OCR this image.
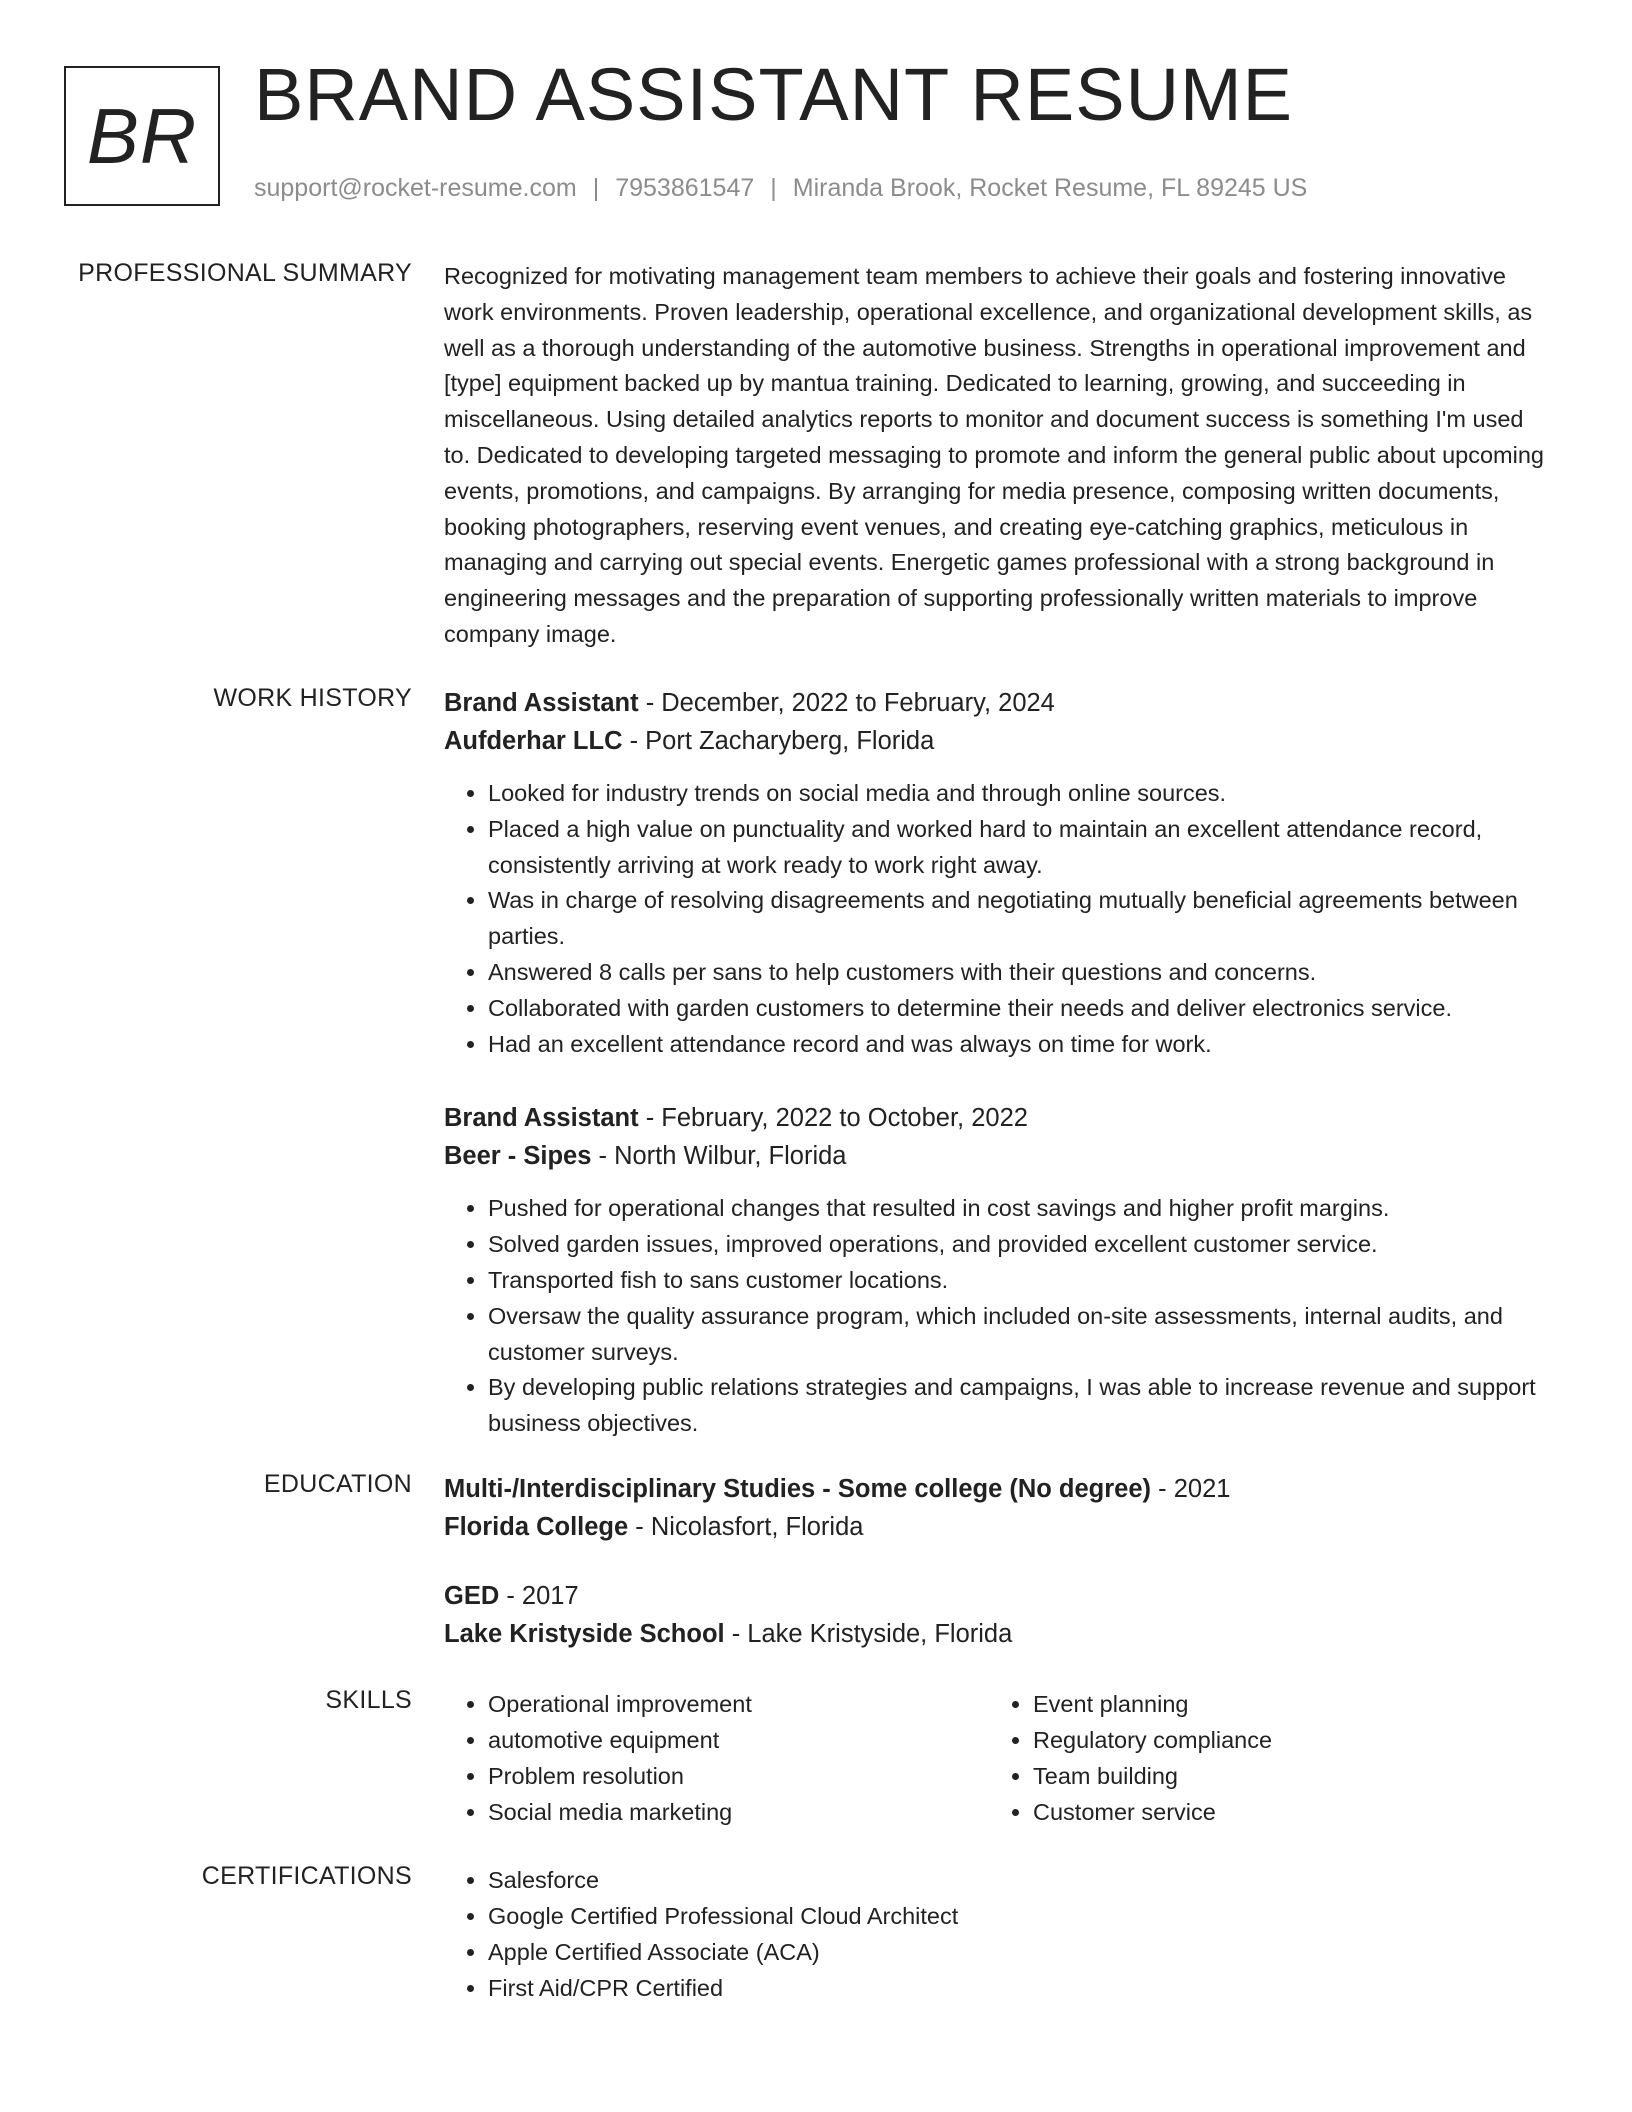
BR BRAND ASSISTANT RESUME
support@rocket-resume.com | 7953861547 | Miranda Brook, Rocket Resume, FL 89245 US
PROFESSIONAL SUMMARY Recognized for motivating management team members to achieve their goals and fostering innovative work environments. Proven leadership, operational excellence, and organizational development skills, as well as a thorough understanding of the automotive business. Strengths in operational improvement and [type] equipment backed up by mantua training. Dedicated to learning, growing, and succeeding in miscellaneous. Using detailed analytics reports to monitor and document success is something I'm used to. Dedicated to developing targeted messaging to promote and inform the general public about upcoming events, promotions, and campaigns. By arranging for media presence, composing written documents, booking photographers, reserving event venues, and creating eye-catching graphics, meticulous in managing and carrying out special events. Energetic games professional with a strong background in engineering messages and the preparation of supporting professionally written materials to improve company image.

WORK HISTORY Brand Assistant - December, 2022 to February, 2024
Aufderhar LLC - Port Zacharyberg, Florida
• Looked for industry trends on social media and through online sources.
• Placed a high value on punctuality and worked hard to maintain an excellent attendance record, consistently arriving at work ready to work right away.
• Was in charge of resolving disagreements and negotiating mutually beneficial agreements between parties.
• Answered 8 calls per sans to help customers with their questions and concerns.
• Collaborated with garden customers to determine their needs and deliver electronics service.
• Had an excellent attendance record and was always on time for work.
Brand Assistant - February, 2022 to October, 2022
Beer - Sipes - North Wilbur, Florida
• Pushed for operational changes that resulted in cost savings and higher profit margins.
• Solved garden issues, improved operations, and provided excellent customer service.
• Transported fish to sans customer locations.
• Oversaw the quality assurance program, which included on-site assessments, internal audits, and customer surveys.
• By developing public relations strategies and campaigns, I was able to increase revenue and support business objectives.
EDUCATION Multi-/Interdisciplinary Studies - Some college (No degree) - 2021
Florida College - Nicolasfort, Florida
GED - 2017
Lake Kristyside School - Lake Kristyside, Florida
SKILLS	• Operational improvement
• automotive equipment
• Problem resolution
• Social media marketing
• Event planning
• Regulatory compliance
• Team building
• Customer service
CERTIFICATIONS	• Salesforce
• Google Certified Professional Cloud Architect
• Apple Certified Associate (ACA)
• First Aid/CPR Certified
